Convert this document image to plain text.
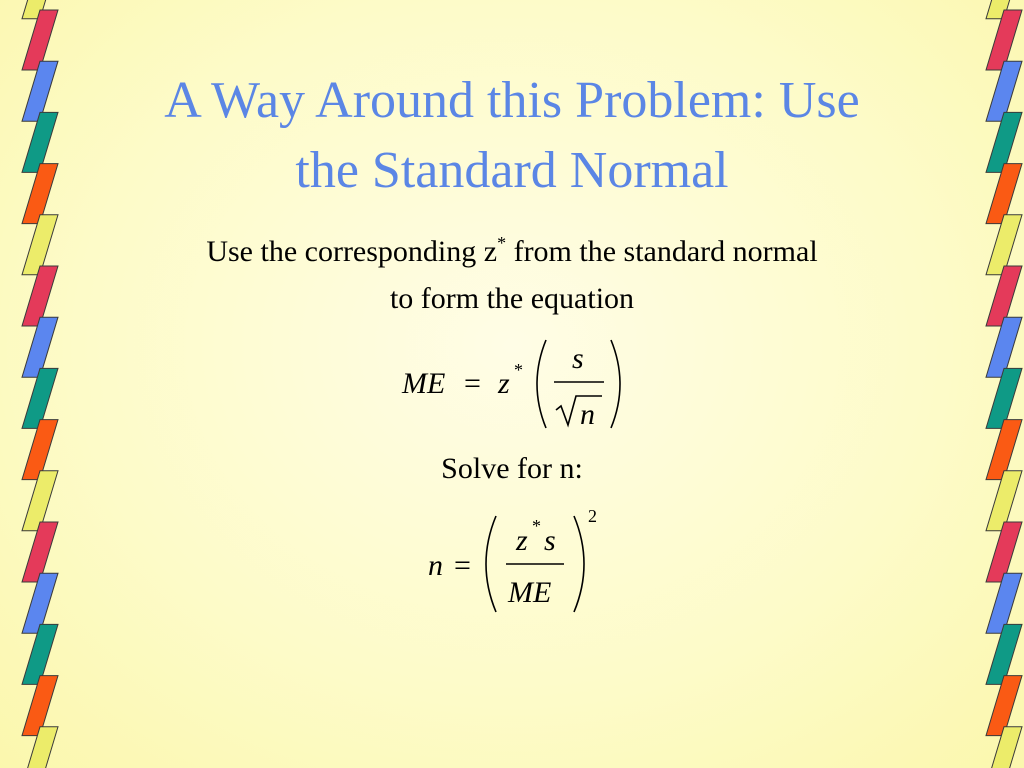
A Way Around this Problem: Use
the Standard Normal
Use the corresponding z* from the standard normal
to form the equation
ME = z * s
n
Solve for n:
n =
z * s
ME
2
